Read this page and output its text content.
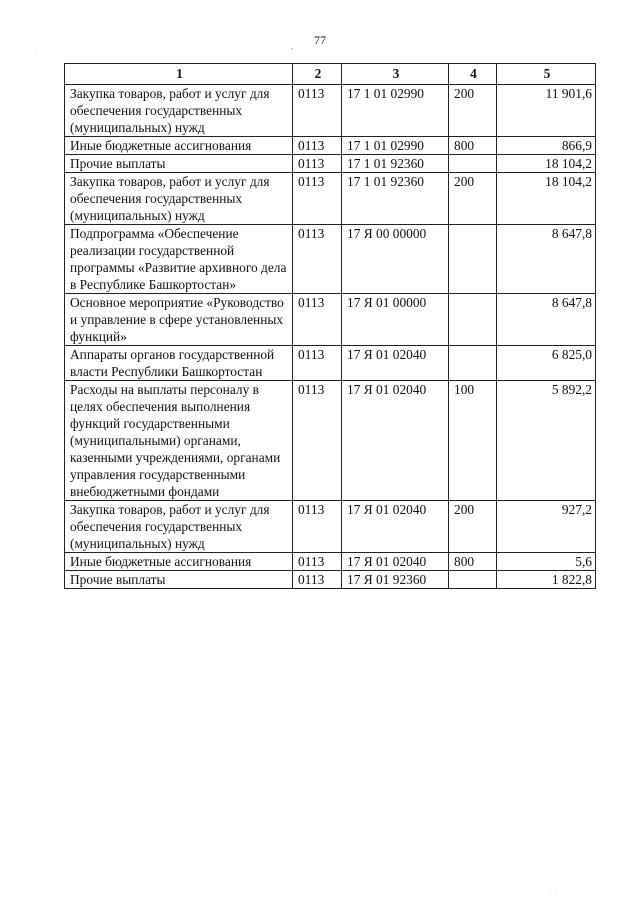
77
,
.
· :
1	2	3	4	5
Закупка товаров, работ и услуг для обеспечения государственных (муниципальных) нужд	0113	17 1 01 02990	200	11 901,6
Иные бюджетные ассигнования	0113	17 1 01 02990	800	866,9
Прочие выплаты	0113	17 1 01 92360		18 104,2
Закупка товаров, работ и услуг для обеспечения государственных (муниципальных) нужд	0113	17 1 01 92360	200	18 104,2
Подпрограмма «Обеспечение реализации государственной программы «Развитие архивного дела в Республике Башкортостан»	0113	17 Я 00 00000		8 647,8
Основное мероприятие «Руководство и управление в сфере установленных функций»	0113	17 Я 01 00000		8 647,8
Аппараты органов государственной власти Республики Башкортостан	0113	17 Я 01 02040		6 825,0
Расходы на выплаты персоналу в целях обеспечения выполнения функций государственными (муниципальными) органами, казенными учреждениями, органами управления государственными внебюджетными фондами	0113	17 Я 01 02040	100	5 892,2
Закупка товаров, работ и услуг для обеспечения государственных (муниципальных) нужд	0113	17 Я 01 02040	200	927,2
Иные бюджетные ассигнования	0113	17 Я 01 02040	800	5,6
Прочие выплаты	0113	17 Я 01 92360		1 822,8
